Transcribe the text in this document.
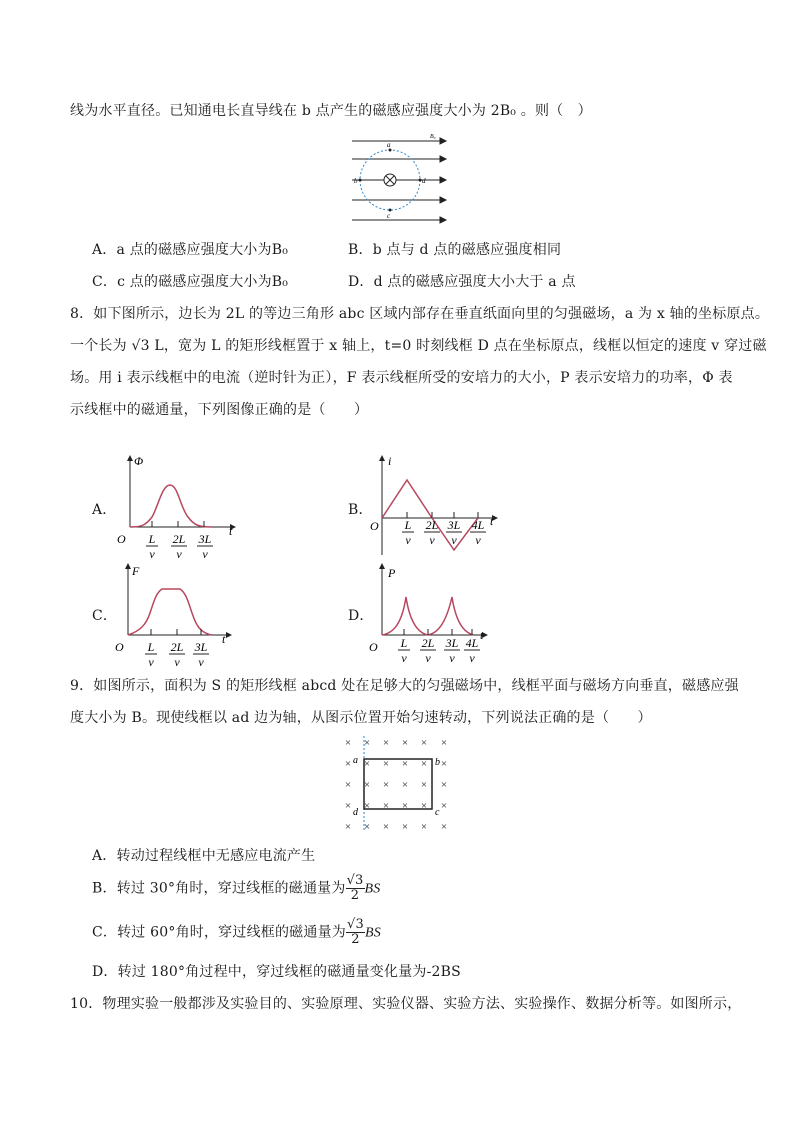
线为水平直径。已知通电长直导线在 b 点产生的磁感应强度大小为 2B₀ 。则（　）
a
b	d
c
B₀
A．a 点的磁感应强度大小为B₀	B．b 点与 d 点的磁感应强度相同
C．c 点的磁感应强度大小为B₀	D．d 点的磁感应强度大小大于 a 点
8．如下图所示，边长为 2L 的等边三角形 abc 区域内部存在垂直纸面向里的匀强磁场，a 为 x 轴的坐标原点。
一个长为 √3 L，宽为 L 的矩形线框置于 x 轴上，t=0 时刻线框 D 点在坐标原点，线框以恒定的速度 v 穿过磁
场。用 i 表示线框中的电流（逆时针为正），F 表示线框所受的安培力的大小，P 表示安培力的功率，Φ 表
示线框中的磁通量，下列图像正确的是（　　）
A．
Φ
O
t
L
v
2L
v
3L
v
B．
i
O	t
L
v
2L
v
3L
v
4L
v
C．
F
O
t
L
v
2L
v
3L
v
D．
P
O
t
L
v
2L
v
3L
v
4L
v
9．如图所示，面积为 S 的矩形线框 abcd 处在足够大的匀强磁场中，线框平面与磁场方向垂直，磁感应强
度大小为 B。现使线框以 ad 边为轴，从图示位置开始匀速转动，下列说法正确的是（　　）
× × × × × ×
× × × × × ×
× × × × × ×
× × × × × ×
× × × × × ×
a	b
c
d
A．转动过程线框中无感应电流产生
B．转过 30°角时，穿过线框的磁通量为 $\frac{√3}{2}$ BS
C．转过 60°角时，穿过线框的磁通量为 $\frac{√3}{2}$ BS
D．转过 180°角过程中，穿过线框的磁通量变化量为-2BS
10．物理实验一般都涉及实验目的、实验原理、实验仪器、实验方法、实验操作、数据分析等。如图所示，
